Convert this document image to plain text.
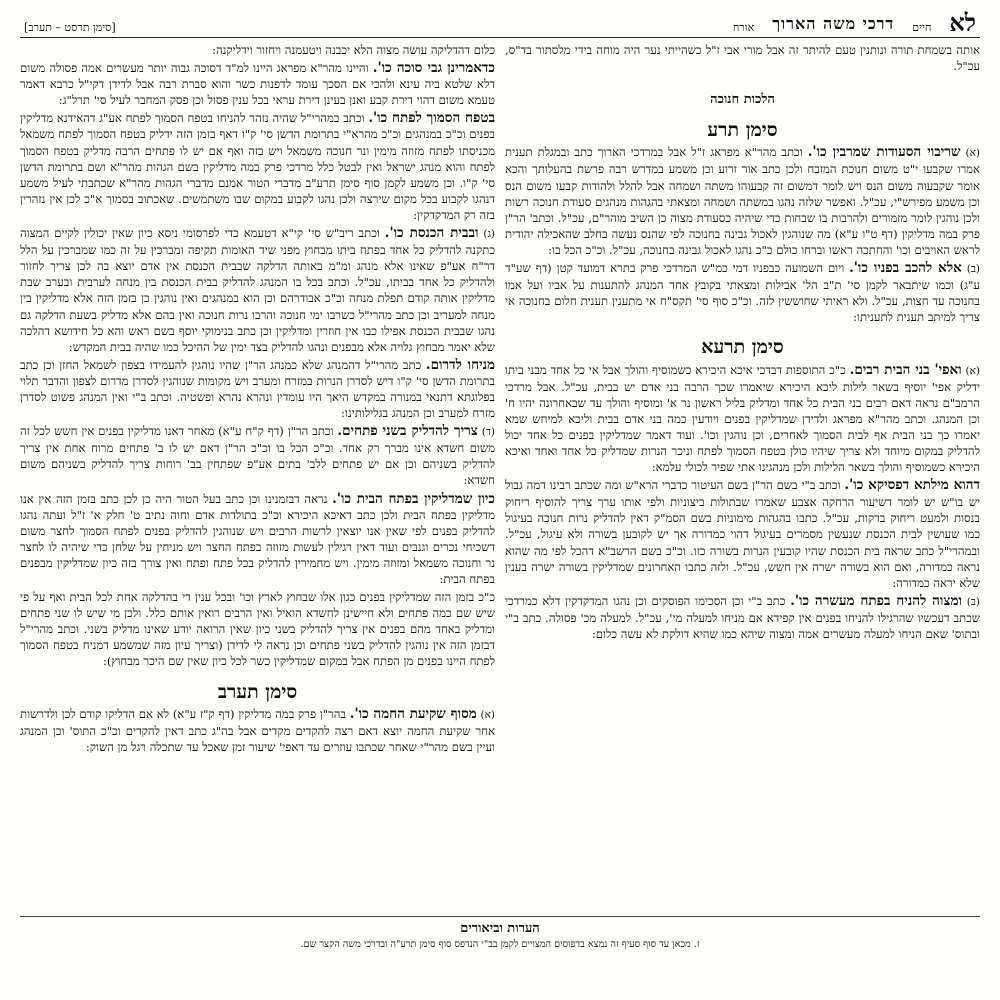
לא
חיים
דרכי משה הארוך
אורח
[סימן תרסט – תערב]

אותה בשמחת תורה ונותנין טעם להיתר זה אבל מורי אבי ז"ל כשהייתי נער היה מוחה בידי מלסתור בד"ס, עכ"ל.

הלכות חנוכה
סימן תרע

(א) שריבוי הסעודות שמרבין כו'. וכתב מהר"א מפראג ז"ל אבל במרדכי הארוך כתב ובמגלת תענית אמרו שקבעו י"ט משום חנוכת המזבח ולכן כתב אור זרוע וכן משמע במדרש רבה פרשת בהעלותך והכא אומר שקבעוה משום הנס ויש לומר דמשום זה קבעוהו משתה ושמחה אבל להלל ולהודות קבעו משום הנס וכן משמע מפירש"י, עכ"ל. ואפשר שלזה נהגו במשתה ושמחה ומצאתי בהגהות מנהגים סעודת חנוכה רשות ולכן נוהגין לומר מזמורים ולהרבות בו שבחות כדי שיהיה כסעודת מצוה כן השיב מוהר"ם, עכ"ל. וכתב' הר"ן פרק במה מדליקין (דף ט"ו ע"א) מה שנוהגין לאכול גבינה בחנוכה לפי שהנס נעשה בחלב שהאכילה יהודית לראש האויבים וכו' והחתכה ראשו וברחו כולם כ"כ נהגו לאכול גבינה בחנוכה, עכ"ל. וכ"כ הכל בו:

(ב) אלא להכב בפניו כו'. ויום השמועה כבפניו דמי כמ"ש המרדכי פרק בתרא דמועד קטן (דף שע"ד ע"ג) וכמו שיתבאר לקמן סי' ת"ב הל' אבילות ומצאתי בקובץ אחד המנהג להתענות על אביו ועל אמו בחנוכה עד חצות, עכ"ל. ולא ראיתי שחוששין לזה. וכ"כ סוף סי' תקס"ח אי מתענין תענית חלום בחנוכה אי צריך למיתב תענית לתעניתו:

סימן תרעא

(א) ואפי' בני הבית רבים. כ"כ התוספות דבדכי איכא היכירא כשמוסיף והולך אבל אי כל אחד מבני ביתו ידליק אפי' יוסיף בשאר לילות ליכא היכירא שיאמרו שכך הרבה בני אדם יש בבית, עכ"ל. אבל מרדכי הרמב"ם נראה דאם רבים בני הבית כל אחד ומדליק בליל ראשון נר א' ומוסיף והולך עד שבאחרונה יהיו ח' וכן המנהג. וכתב מהר"א מפראג ולדידן שמדליקין בפנים ויודעין כמה בני אדם בבית וליכא למיחש שמא יאמרו כך בני הבית אף לבית הסמוך לאחרים, וכן נוהגין וכו'. ועוד דאמר שמדליקין בפנים כל אחד יכול להדליק במקום מיוחד ולא צריך שיהיו כולן בטפח הסמוך לפתח וניכר הנרות שמדליק כל אחד ואחד ואיכא היכירא כשמוסיף והולך בשאר הלילות ולכן מנהגינו אתי שפיר לכולי עלמא:

דהוא מילתא דפסיקא כו'. וכתב ב"י בשם הר"ן בשם העיטור כדברי הרא"ש ומה שכתב רבינו דמה גבול יש בו"ש יש לומר דשיעור הרחקה אצבע שאמרו שבתולות ביצוניות ולפי אותו ערך צריך להוסיף ריחוק בנסות ולמעט ריחוק בדקות, עכ"ל. כתבו בהגהות מימוניות בשם הסמ"ק דאין להדליק נרות חנוכה בעיגול כמו שעושין לבית הכנסת שנעשין מסמרים בעיגול דהוי כמדורה אך יש לקובען בשורה ולא עיגול, עכ"ל. ובמהרי"ל כתב שראה בית הכנסת שהיו קובעין הנרות בשורה כזו. וכ"כ בשם הרשב"א דהכל לפי מה שהוא נראה כמדורה, ואם הוא בשורה ישרה אין חשש, עכ"ל. ולזה כתבו האחרונים שמדליקין בשורה ישרה בענין שלא יראה כמדורה:

(ב) ומצוה להניח בפתח מעשרה כו'. כתב ב"י וכן הסכימו הפוסקים וכן נהגו המדקדקין דלא כמרדכי שכתב דעכשיו שהרגילו להניחו בפנים אין קפידא אם מניחו למעלה מי', עכ"ל. למעלה מכ' פסולה. כתב ב"י ובתוס' שאם הניחו למעלה מעשרים אמה ומצוה שיהא כמו שהיא דולקת לא עשה כלום:

כלום דהדליקה עושה מצוה הלא יכבנה ויטעמנה ויחזור וידליקנה:

כדאמרינן גבי סוכה כו'. והיינו מהר"א מפראג היינו למ"ד דסוכה גבוה יותר מעשרים אמה פסולה משום דלא שלטא ביה עינא ולהכי אם הסכך עומד לדפנות כשר והוא סברת רבה אבל לדידן דקי"ל כרבא דאמר טעמא משום דהוי דירת קבע ואנן בעינן דירת עראי בכל ענין פסול וכן פסק המחבר לעיל סי' תרל"ג:

בטפח הסמוך לפתח כו'. וכתב במהרי"ל שהיה נזהר להניחו בטפח הסמוך לפתח אע"ג דהאידנא מדליקין בפנים וכ"כ במנהגים וכ"כ מהרא"י בתרומת הדשן סי' ק"ו דאף בזמן הזה ידליק בטפח הסמוך לפתח משמאל מכניסתו לפתח מזוזה מימין ונר חנוכה משמאל ויש בזה ואף אם יש לו פתחים הרבה מדליק בטפח הסמוך לפתח והוא מנהג ישראל ואין לבטל כלל מרדכי פרק במה מדליקין בשם הגהות מהר"א ושם בתרומת הדשן סי' ק"ו. וכן משמע לקמן סוף סימן תרע"ב מדברי הטור אמנם מדברי הגהות מהר"א שכתבתי לעיל משמע דנהגו לקבוע בכל מקום שירצה ולכן נהגו לקבוע במקום שבו משתמשים. שאכתוב בסמוך א"כ לכן אין נזהרין בזה רק המדקדקין:

(ג) ובבית הכנסת כו'. וכתב ריב"ש סי' קי"א דטעמא כדי לפרסומי ניסא כיון שאין יכולין לקיים המצוה כתקנה להדליק כל אחד בפתח ביתו מבחוץ מפני שיד האומות תקיפה ומברכין על זה כמו שמברכין על הלל דר"ח אע"פ שאינו אלא מנהג ומ"מ באותה הדלקה שבבית הכנסת אין אדם יוצא בה לכן צריך לחזור ולהדליק כל אחד בביתו, עכ"ל. וכתב בכל בו המנהג להדליק בבית הכנסת בין מנחה לערבית ובערב שבת מדליקין אותה קודם תפלת מנחה וכ"כ אבודרהם וכן הוא במנהגים ואין נוהגין כן בזמן הזה אלא מדליקין בין מנחה למעריב וכן כתב מהרי"ל כשרבו ימי חנוכה והרבו נרות חנוכה ואין בהם אלא מדליק בשעת הדלקה גם נהגו שבבית הכנסת אפילו כבו אין חוזרין ומדליקין וכן כתב בנימוקי יוסף בשם ראש והא כל חידושא דהלכה שלא יאמר מבחוץ גלויה אלא מבפנים ונהגו להדליק בצד ימין של ההיכל כמו שהיה בבית המקדש:

מניחו לדרום. כתב מהרי"ל דהמנהג שלא כמנהג הר"ן שהיו נוהגין להעמידו בצפון לשמאל החזן וכן כתב בתרומת הדשן סי' ק"ו דיש לסדרן הנרות במזרח ומערב ויש מקומות שנוהגין לסדרן מדרום לצפון והדבר תלוי בפלוגתא דתנאי במנורה במקדש היאך היו עומדין ונהרא נהרא ופשטיה. וכתב ב"י ואין המנהג פשוט לסדרן מזרח למערב וכן המנהג בגלילותינו:

(ד) צריך להדליק בשני פתחים. וכתב הר"ן (דף ק"ח ע"א) מאחר דאנו מדליקין בפנים אין חשש לכל זה משום חשדא אינו מברך רק אחד. וכ"כ הכל בו וכ"כ הר"ן דאם יש לו ב' פתחים מרוח אחת אין צריך להדליק בשניהם וכן אם יש פתחים ללב' בתים אע"פ שפתחין בב' רוחות צריך להדליק בשניהם משום חשדא:

כיון שמדליקין בפתח הבית כו'. נראה דבזמנינו וכן כתב בעל הטור היה כן לכן כתב בזמן הזה אין אנו מדליקין בפתח הבית ולכן כתב דאיכא היכירא וכ"כ בתולדות אדם וחוה נתיב ט' חלק א' ז"ל ועתה נהגו להדליק בפנים לפי שאין אנו יוצאין לרשות הרבים ויש שנוהגין להדליק בפנים לפתח הסמוך לחצר משום דשכיחי נכרים וגנבים ועוד דאין רגילין לעשות מזוזה בפתח החצר ויש מניחין על שלחן כדי שיהיה לו לחצר נר וחנוכה משמאל ומזוזה מימין. ויש מחמירין להדליק בכל פתח ופתח ואין צורך בזה כיון שמדליקין מבפנים בפתח הבית:

כ"כ בזמן הזה שמדליקין בפנים כגון אלו שבחוץ לארץ וכו' ובכל ענין די בהדלקה אחת לכל הבית ואף על פי שיש שם כמה פתחים ולא חיישינן לחשדא הואיל ואין הרבים רואין אותם כלל. ולכן מי שיש לו שני פתחים ומדליק באחד מהם בפנים אין צריך להדליק בשני כיון שאין הרואה יודע שאינו מדליק בשני. וכתב מהרי"ל דבזמן הזה אין נוהגין להדליק בשני פתחים וכן נראה לי לדידן (וצריך עיון מזה שמשמע דמניח בטפח הסמוך לפתח היינו בפנים מן הפתח אבל במקום שמדליקין כשר לכל כיון שאין שם היכר מבחוץ):

סימן תערב

(א) מסוף שקיעת החמה כו'. בהר"ן פרק במה מדליקין (דף ק"ז ע"א) לא אם הדליקו קודם לכן ולדרשות אחר שקיעת החמה יוצא דאם רצה להקדים מקדים אבל בה"ג כתב דאין להקדים וכ"כ התוס' וכן המנהג ועיין בשם מהר"י שאחר שכתבו עוזרים עד דאפי' שיעור זמן שאכל עד שתכלה רגל מן השוק:

הערות וביאורים
ז. מכאן עד סוף סעיף זה נמצא בדפוסים המצויים לקמן בב"י הנדפס סוף סימן תרע"ה ובדרכי משה הקצר שם.
